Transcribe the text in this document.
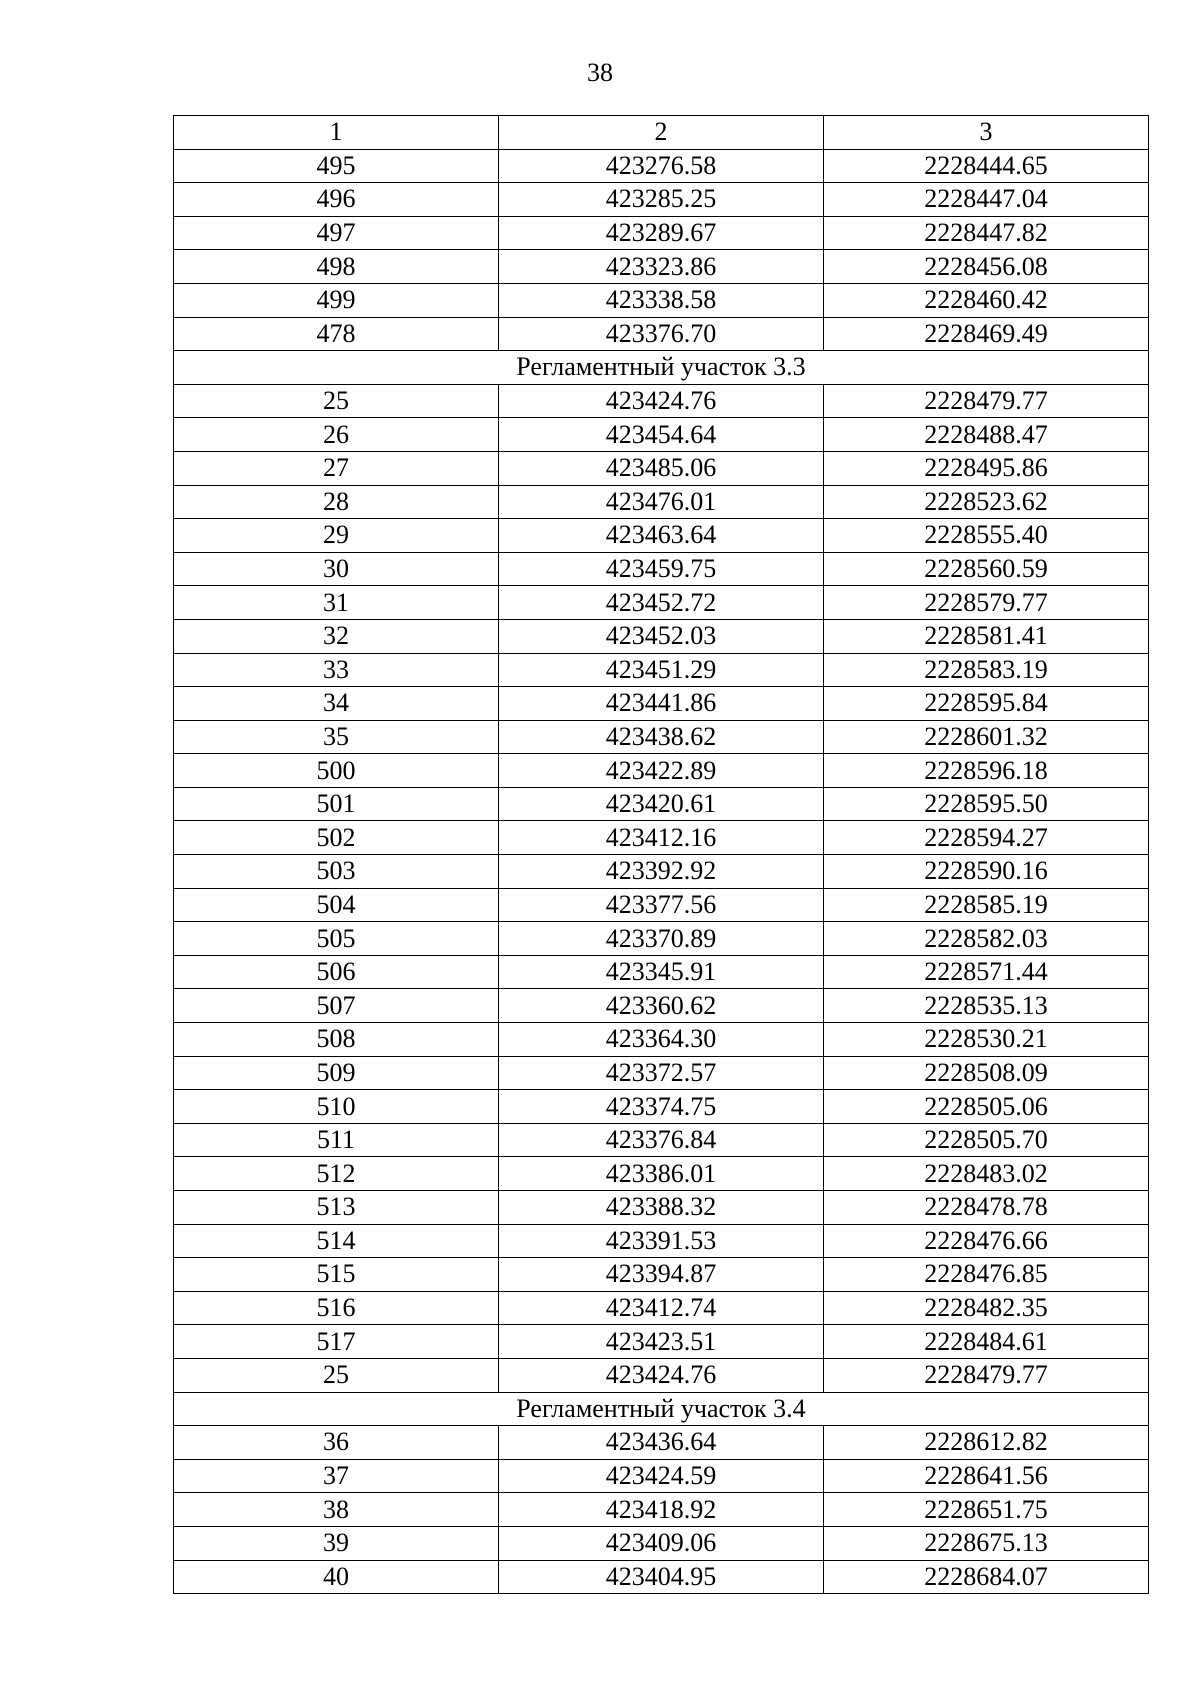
38
1	2	3
495	423276.58	2228444.65
496	423285.25	2228447.04
497	423289.67	2228447.82
498	423323.86	2228456.08
499	423338.58	2228460.42
478	423376.70	2228469.49
Регламентный участок 3.3		
25	423424.76	2228479.77
26	423454.64	2228488.47
27	423485.06	2228495.86
28	423476.01	2228523.62
29	423463.64	2228555.40
30	423459.75	2228560.59
31	423452.72	2228579.77
32	423452.03	2228581.41
33	423451.29	2228583.19
34	423441.86	2228595.84
35	423438.62	2228601.32
500	423422.89	2228596.18
501	423420.61	2228595.50
502	423412.16	2228594.27
503	423392.92	2228590.16
504	423377.56	2228585.19
505	423370.89	2228582.03
506	423345.91	2228571.44
507	423360.62	2228535.13
508	423364.30	2228530.21
509	423372.57	2228508.09
510	423374.75	2228505.06
511	423376.84	2228505.70
512	423386.01	2228483.02
513	423388.32	2228478.78
514	423391.53	2228476.66
515	423394.87	2228476.85
516	423412.74	2228482.35
517	423423.51	2228484.61
25	423424.76	2228479.77
Регламентный участок 3.4		
36	423436.64	2228612.82
37	423424.59	2228641.56
38	423418.92	2228651.75
39	423409.06	2228675.13
40	423404.95	2228684.07
